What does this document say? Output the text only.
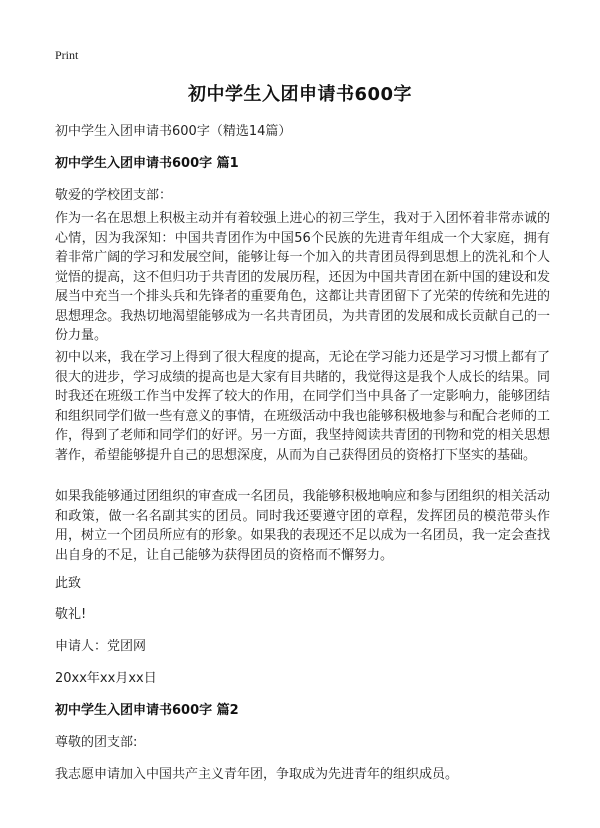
Print
初中学生入团申请书600字
初中学生入团申请书600字（精选14篇）
初中学生入团申请书600字 篇1
敬爱的学校团支部：
作为一名在思想上积极主动并有着较强上进心的初三学生，我对于入团怀着非常赤诚的心情，因为我深知：中国共青团作为中国56个民族的先进青年组成一个大家庭，拥有着非常广阔的学习和发展空间，能够让每一个加入的共青团员得到思想上的洗礼和个人觉悟的提高，这不但归功于共青团的发展历程，还因为中国共青团在新中国的建设和发展当中充当一个排头兵和先锋者的重要角色，这都让共青团留下了光荣的传统和先进的思想理念。我热切地渴望能够成为一名共青团员，为共青团的发展和成长贡献自己的一份力量。
初中以来，我在学习上得到了很大程度的提高，无论在学习能力还是学习习惯上都有了很大的进步，学习成绩的提高也是大家有目共睹的，我觉得这是我个人成长的结果。同时我还在班级工作当中发挥了较大的作用，在同学们当中具备了一定影响力，能够团结和组织同学们做一些有意义的事情，在班级活动中我也能够积极地参与和配合老师的工作，得到了老师和同学们的好评。另一方面，我坚持阅读共青团的刊物和党的相关思想著作，希望能够提升自己的思想深度，从而为自己获得团员的资格打下坚实的基础。
如果我能够通过团组织的审查成一名团员，我能够积极地响应和参与团组织的相关活动和政策，做一名名副其实的团员。同时我还要遵守团的章程，发挥团员的模范带头作用，树立一个团员所应有的形象。如果我的表现还不足以成为一名团员，我一定会查找出自身的不足，让自己能够为获得团员的资格而不懈努力。
此致
敬礼!
申请人：党团网
20xx年xx月xx日
初中学生入团申请书600字 篇2
尊敬的团支部:
我志愿申请加入中国共产主义青年团，争取成为先进青年的组织成员。
